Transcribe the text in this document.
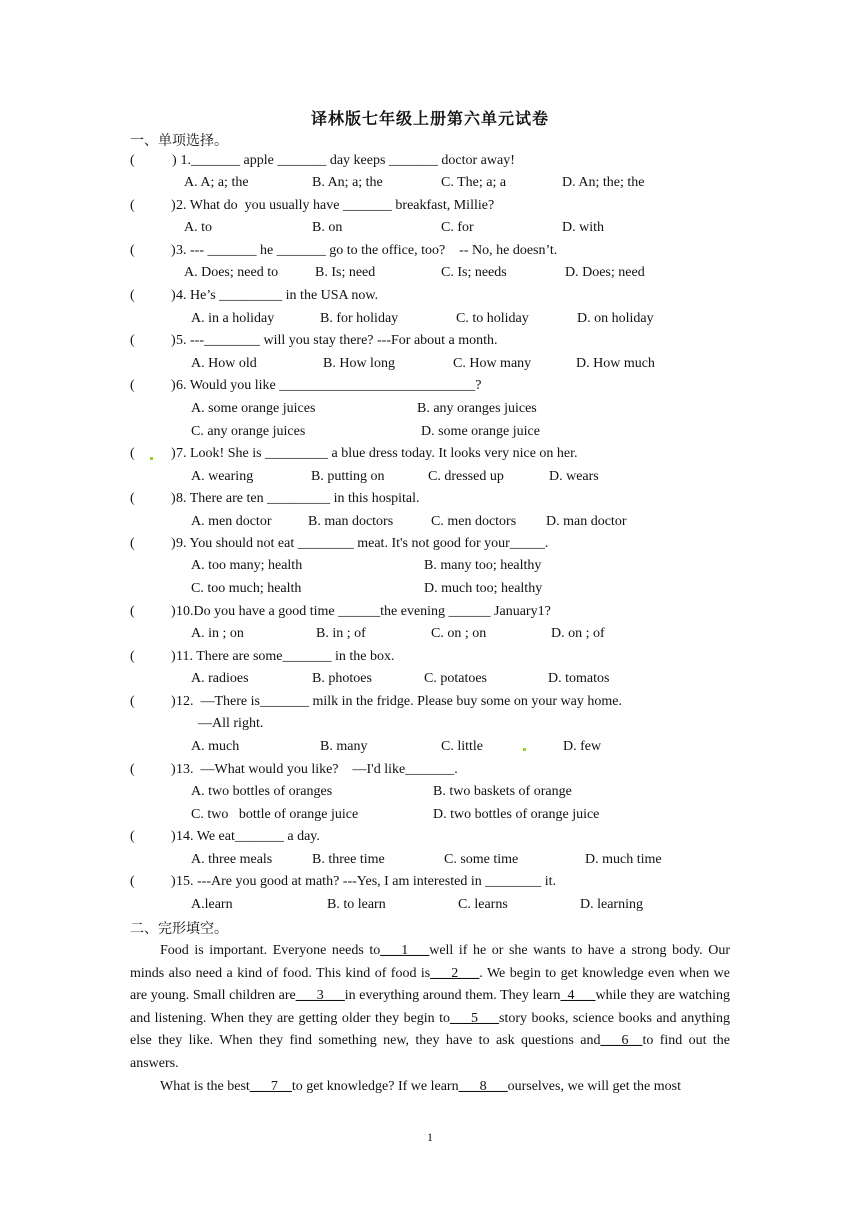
译林版七年级上册第六单元试卷
一、单项选择。
(	) 1._______ apple _______ day keeps _______ doctor away!
A. A; a; the	B. An; a; the	C. The; a; a	D. An; the; the
(	) 2. What do  you usually have _______ breakfast, Millie?
A. to	B. on	C. for	D. with
(	) 3. --- _______ he _______ go to the office, too?    -- No, he doesn’t.
A. Does; need to	B. Is; need	C. Is; needs	D. Does; need
(	) 4. He’s _________ in the USA now.
A. in a holiday	B. for holiday	C. to holiday	D. on holiday
(	) 5. ---________ will you stay there? ---For about a month.
A. How old	B. How long	C. How many	D. How much
(	) 6. Would you like ____________________________?
A. some orange juices	B. any oranges juices
C. any orange juices	D. some orange juice
(	) 7. Look! She is _________ a blue dress today. It looks very nice on her.
A. wearing	B. putting on	C. dressed up	D. wears
(	) 8. There are ten _________ in this hospital.
A. men doctor	B. man doctors	C. men doctors D. man doctor
(	) 9. You should not eat ________ meat. It's not good for your_____.
A. too many; health	B. many too; healthy
C. too much; health	D. much too; healthy
(	) 10.Do you have a good time ______the evening ______ January1?
A. in ; on	B. in ; of	C. on ; on	D. on ; of
(	) 11. There are some_______ in the box.
A. radioes	B. photoes	C. potatoes	D. tomatos
(	) 12.  —There is_______ milk in the fridge. Please buy some on your way home.
—All right.
A. much	B. many	C. little	D. few
(	) 13.  —What would you like?    —I'd like_______.
A. two bottles of oranges	B. two baskets of orange
C. two   bottle of orange juice	D. two bottles of orange juice
(	) 14. We eat_______ a day.
A. three meals	B. three time	C. some time	D. much time
(	) 15. ---Are you good at math? ---Yes, I am interested in ________ it.
A.learn	B. to learn	C. learns	D. learning
二、完形填空。

Food is important. Everyone needs to___1___well if he or she wants to have a strong body. Our minds also need a kind of food. This kind of food is___2___. We begin to get knowledge even when we are young. Small children are___3___in everything around them. They learn_4___while they are watching and listening. When they are getting older they begin to___5___story books, science books and anything else they like. When they find something new, they have to ask questions and___6__to find out the answers.

What is the best___7__to get knowledge? If we learn___8___ourselves, we will get the most

1
